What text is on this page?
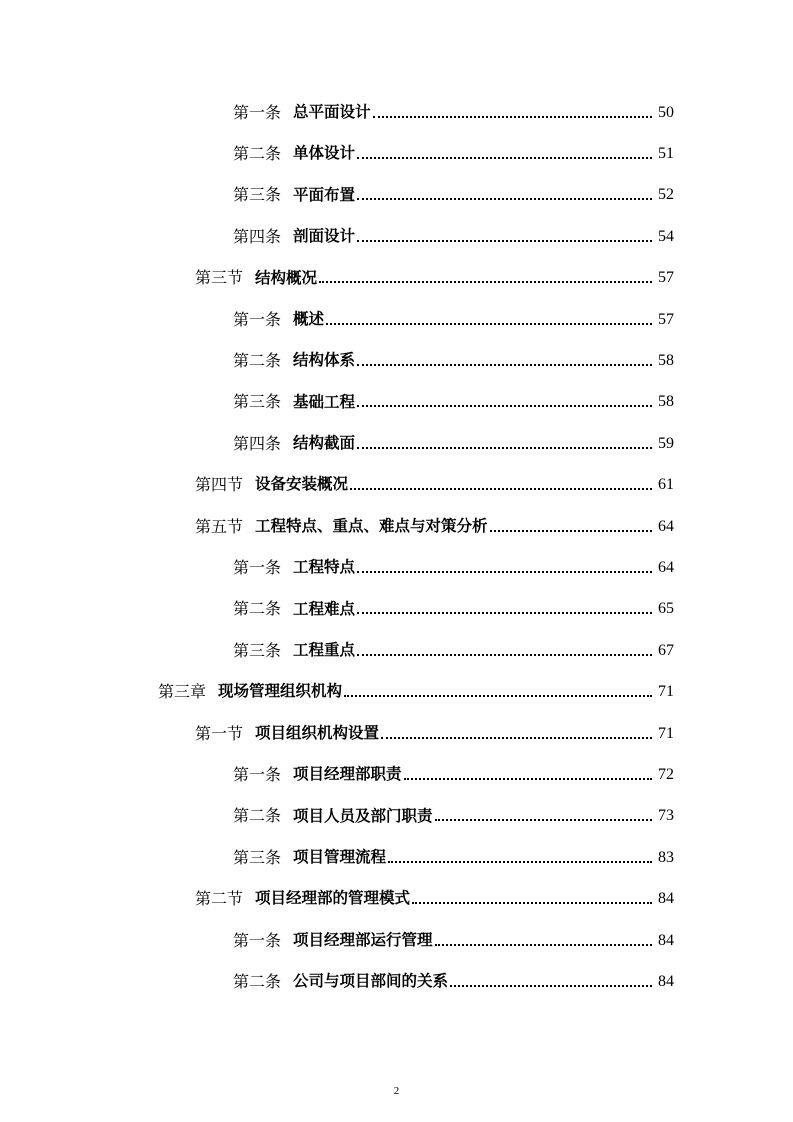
第一条 总平面设计	50
第二条 单体设计	51
第三条 平面布置	52
第四条 剖面设计	54
第三节 结构概况	57
第一条 概述	57
第二条 结构体系	58
第三条 基础工程	58
第四条 结构截面	59
第四节 设备安装概况	61
第五节 工程特点、重点、难点与对策分析	64
第一条 工程特点	64
第二条 工程难点	65
第三条 工程重点	67
第三章 现场管理组织机构	71
第一节 项目组织机构设置	71
第一条 项目经理部职责	72
第二条 项目人员及部门职责	73
第三条 项目管理流程	83
第二节 项目经理部的管理模式	84
第一条 项目经理部运行管理	84
第二条 公司与项目部间的关系	84
2
